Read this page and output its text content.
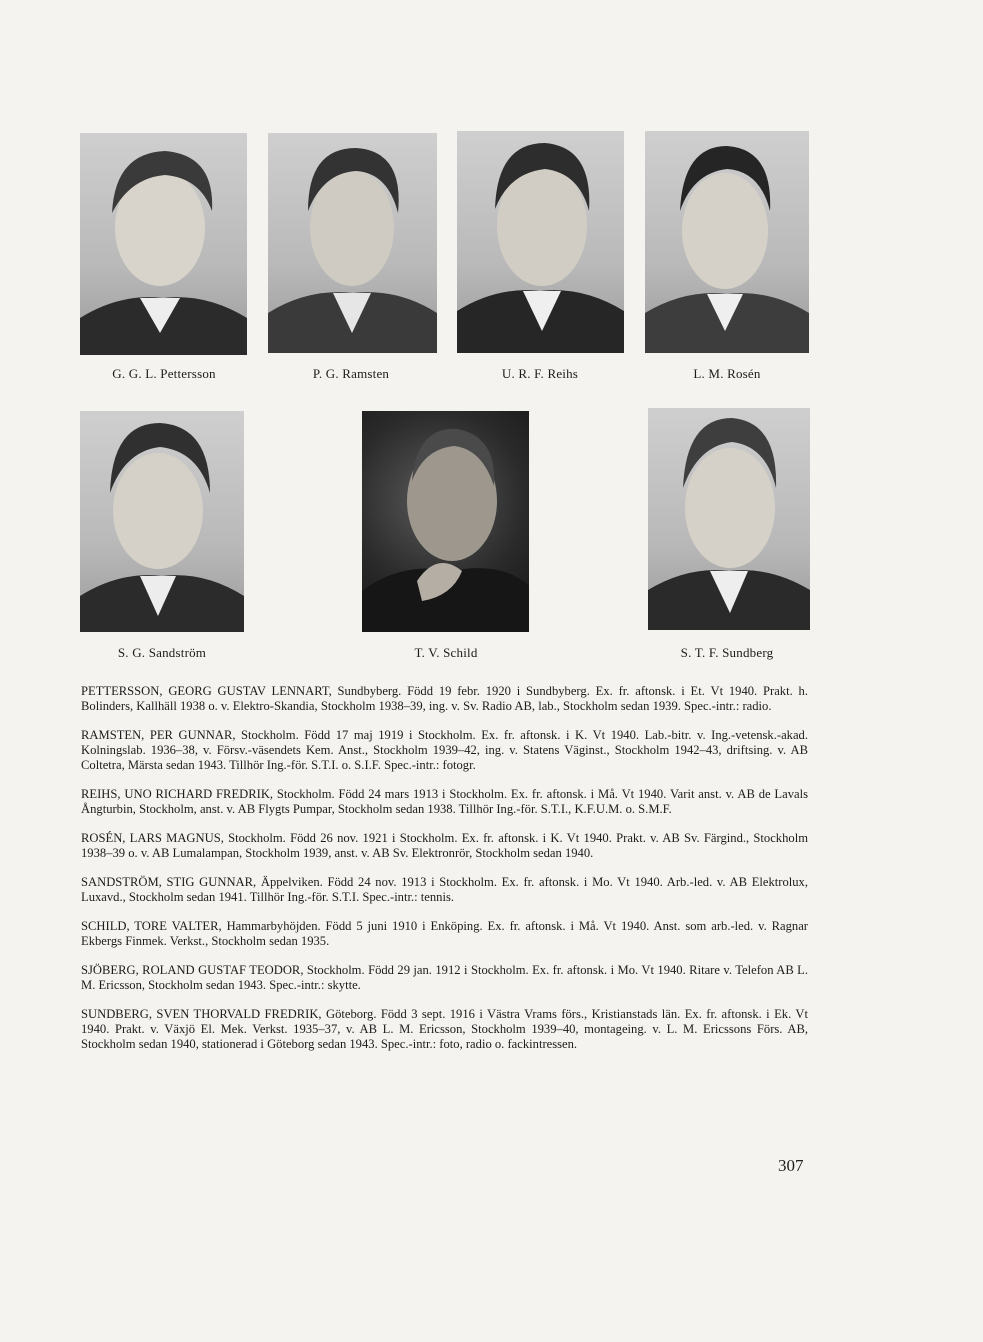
G. G. L. Pettersson	P. G. Ramsten	U. R. F. Reihs	L. M. Rosén
S. G. Sandström	T. V. Schild	S. T. F. Sundberg

PETTERSSON, GEORG GUSTAV LENNART, Sundbyberg. Född 19 febr. 1920 i Sundbyberg. Ex. fr. aftonsk. i Et. Vt 1940. Prakt. h. Bolinders, Kallhäll 1938 o. v. Elektro-Skandia, Stockholm 1938–39, ing. v. Sv. Radio AB, lab., Stockholm sedan 1939. Spec.-intr.: radio.

RAMSTEN, PER GUNNAR, Stockholm. Född 17 maj 1919 i Stockholm. Ex. fr. aftonsk. i K. Vt 1940. Lab.-bitr. v. Ing.-vetensk.-akad. Kolningslab. 1936–38, v. Försv.-väsendets Kem. Anst., Stockholm 1939–42, ing. v. Statens Väginst., Stockholm 1942–43, driftsing. v. AB Coltetra, Märsta sedan 1943. Tillhör Ing.-för. S.T.I. o. S.I.F. Spec.-intr.: fotogr.

REIHS, UNO RICHARD FREDRIK, Stockholm. Född 24 mars 1913 i Stockholm. Ex. fr. aftonsk. i Må. Vt 1940. Varit anst. v. AB de Lavals Ångturbin, Stockholm, anst. v. AB Flygts Pumpar, Stockholm sedan 1938. Tillhör Ing.-för. S.T.I., K.F.U.M. o. S.M.F.

ROSÉN, LARS MAGNUS, Stockholm. Född 26 nov. 1921 i Stockholm. Ex. fr. aftonsk. i K. Vt 1940. Prakt. v. AB Sv. Färgind., Stockholm 1938–39 o. v. AB Lumalampan, Stockholm 1939, anst. v. AB Sv. Elektronrör, Stockholm sedan 1940.

SANDSTRÖM, STIG GUNNAR, Äppelviken. Född 24 nov. 1913 i Stockholm. Ex. fr. aftonsk. i Mo. Vt 1940. Arb.-led. v. AB Elektrolux, Luxavd., Stockholm sedan 1941. Tillhör Ing.-för. S.T.I. Spec.-intr.: tennis.

SCHILD, TORE VALTER, Hammarbyhöjden. Född 5 juni 1910 i Enköping. Ex. fr. aftonsk. i Må. Vt 1940. Anst. som arb.-led. v. Ragnar Ekbergs Finmek. Verkst., Stockholm sedan 1935.

SJÖBERG, ROLAND GUSTAF TEODOR, Stockholm. Född 29 jan. 1912 i Stockholm. Ex. fr. aftonsk. i Mo. Vt 1940. Ritare v. Telefon AB L. M. Ericsson, Stockholm sedan 1943. Spec.-intr.: skytte.

SUNDBERG, SVEN THORVALD FREDRIK, Göteborg. Född 3 sept. 1916 i Västra Vrams förs., Kristianstads län. Ex. fr. aftonsk. i Ek. Vt 1940. Prakt. v. Växjö El. Mek. Verkst. 1935–37, v. AB L. M. Ericsson, Stockholm 1939–40, montageing. v. L. M. Ericssons Förs. AB, Stockholm sedan 1940, stationerad i Göteborg sedan 1943. Spec.-intr.: foto, radio o. fackintressen.

307
